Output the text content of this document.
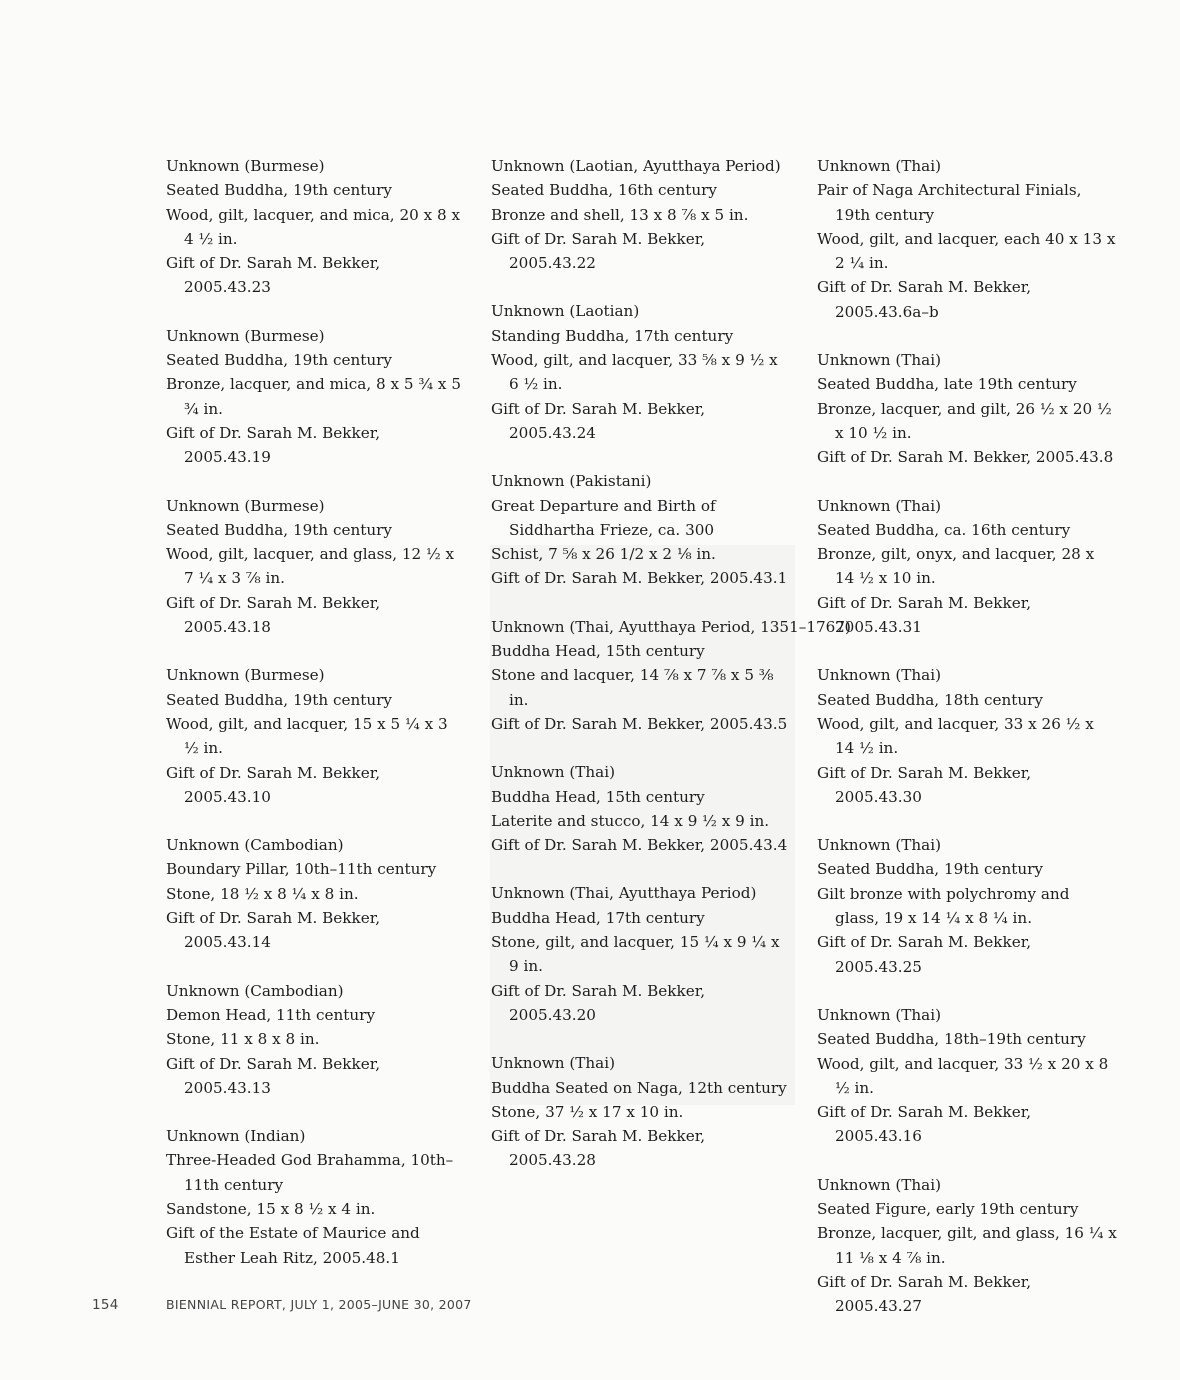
Unknown (Burmese)
Seated Buddha, 19th century
Wood, gilt, lacquer, and mica, 20 x 8 x 4 ½ in.
Gift of Dr. Sarah M. Bekker, 2005.43.23
Unknown (Burmese)
Seated Buddha, 19th century
Bronze, lacquer, and mica, 8 x 5 ¾ x 5 ¾ in.
Gift of Dr. Sarah M. Bekker, 2005.43.19
Unknown (Burmese)
Seated Buddha, 19th century
Wood, gilt, lacquer, and glass, 12 ½ x 7 ¼ x 3 ⅞ in.
Gift of Dr. Sarah M. Bekker, 2005.43.18
Unknown (Burmese)
Seated Buddha, 19th century
Wood, gilt, and lacquer, 15 x 5 ¼ x 3 ½ in.
Gift of Dr. Sarah M. Bekker, 2005.43.10
Unknown (Cambodian)
Boundary Pillar, 10th–11th century
Stone, 18 ½ x 8 ¼ x 8 in.
Gift of Dr. Sarah M. Bekker, 2005.43.14
Unknown (Cambodian)
Demon Head, 11th century
Stone, 11 x 8 x 8 in.
Gift of Dr. Sarah M. Bekker, 2005.43.13
Unknown (Indian)
Three-Headed God Brahamma, 10th–11th century
Sandstone, 15 x 8 ½ x 4 in.
Gift of the Estate of Maurice and Esther Leah Ritz, 2005.48.1
Unknown (Laotian, Ayutthaya Period)
Seated Buddha, 16th century
Bronze and shell, 13 x 8 ⅞ x 5 in.
Gift of Dr. Sarah M. Bekker, 2005.43.22
Unknown (Laotian)
Standing Buddha, 17th century
Wood, gilt, and lacquer, 33 ⅝ x 9 ½ x 6 ½ in.
Gift of Dr. Sarah M. Bekker, 2005.43.24
Unknown (Pakistani)
Great Departure and Birth of Siddhartha Frieze, ca. 300
Schist, 7 ⅝ x 26 1/2 x 2 ⅛ in.
Gift of Dr. Sarah M. Bekker, 2005.43.1
Unknown (Thai, Ayutthaya Period, 1351–1767)
Buddha Head, 15th century
Stone and lacquer, 14 ⅞ x 7 ⅞ x 5 ⅜ in.
Gift of Dr. Sarah M. Bekker, 2005.43.5
Unknown (Thai)
Buddha Head, 15th century
Laterite and stucco, 14 x 9 ½ x 9 in.
Gift of Dr. Sarah M. Bekker, 2005.43.4
Unknown (Thai, Ayutthaya Period)
Buddha Head, 17th century
Stone, gilt, and lacquer, 15 ¼ x 9 ¼ x 9 in.
Gift of Dr. Sarah M. Bekker, 2005.43.20
Unknown (Thai)
Buddha Seated on Naga, 12th century
Stone, 37 ½ x 17 x 10 in.
Gift of Dr. Sarah M. Bekker, 2005.43.28
Unknown (Thai)
Pair of Naga Architectural Finials, 19th century
Wood, gilt, and lacquer, each 40 x 13 x 2 ¼ in.
Gift of Dr. Sarah M. Bekker, 2005.43.6a–b
Unknown (Thai)
Seated Buddha, late 19th century
Bronze, lacquer, and gilt, 26 ½ x 20 ½ x 10 ½ in.
Gift of Dr. Sarah M. Bekker, 2005.43.8
Unknown (Thai)
Seated Buddha, ca. 16th century
Bronze, gilt, onyx, and lacquer, 28 x 14 ½ x 10 in.
Gift of Dr. Sarah M. Bekker, 2005.43.31
Unknown (Thai)
Seated Buddha, 18th century
Wood, gilt, and lacquer, 33 x 26 ½ x 14 ½ in.
Gift of Dr. Sarah M. Bekker, 2005.43.30
Unknown (Thai)
Seated Buddha, 19th century
Gilt bronze with polychromy and glass, 19 x 14 ¼ x 8 ¼ in.
Gift of Dr. Sarah M. Bekker, 2005.43.25
Unknown (Thai)
Seated Buddha, 18th–19th century
Wood, gilt, and lacquer, 33 ½ x 20 x 8 ½ in.
Gift of Dr. Sarah M. Bekker, 2005.43.16
Unknown (Thai)
Seated Figure, early 19th century
Bronze, lacquer, gilt, and glass, 16 ¼ x 11 ⅛ x 4 ⅞ in.
Gift of Dr. Sarah M. Bekker, 2005.43.27
154	BIENNIAL REPORT, JULY 1, 2005–JUNE 30, 2007
